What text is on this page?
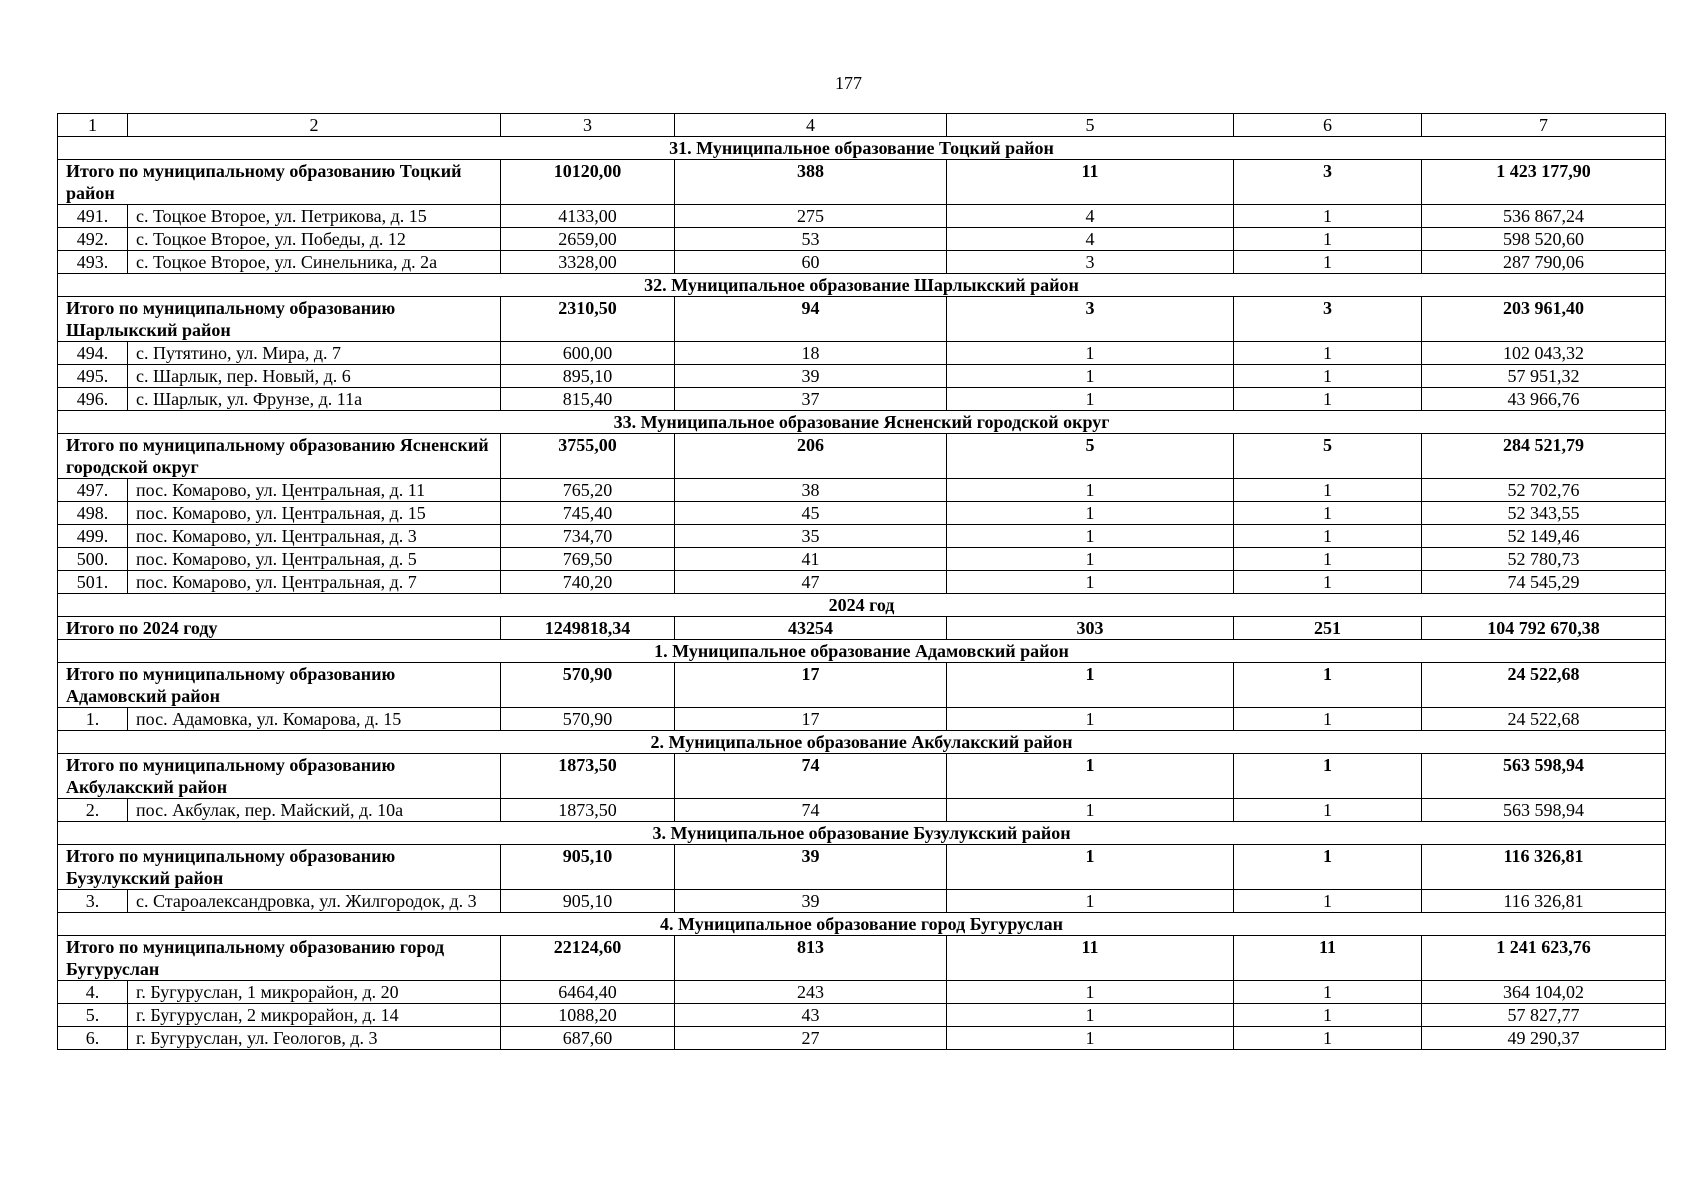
177
1	2	3	4	5	6	7
31. Муниципальное образование Тоцкий район						
Итого по муниципальному образованию Тоцкий район		10120,00	388	11	3	1 423 177,90
491.	с. Тоцкое Второе, ул. Петрикова, д. 15	4133,00	275	4	1	536 867,24
492.	с. Тоцкое Второе, ул. Победы, д. 12	2659,00	53	4	1	598 520,60
493.	с. Тоцкое Второе, ул. Синельника, д. 2а	3328,00	60	3	1	287 790,06
32. Муниципальное образование Шарлыкский район						
Итого по муниципальному образованию Шарлыкский район		2310,50	94	3	3	203 961,40
494.	с. Путятино, ул. Мира, д. 7	600,00	18	1	1	102 043,32
495.	с. Шарлык, пер. Новый, д. 6	895,10	39	1	1	57 951,32
496.	с. Шарлык, ул. Фрунзе, д. 11а	815,40	37	1	1	43 966,76
33. Муниципальное образование Ясненский городской округ						
Итого по муниципальному образованию Ясненский городской округ		3755,00	206	5	5	284 521,79
497.	пос. Комарово, ул. Центральная, д. 11	765,20	38	1	1	52 702,76
498.	пос. Комарово, ул. Центральная, д. 15	745,40	45	1	1	52 343,55
499.	пос. Комарово, ул. Центральная, д. 3	734,70	35	1	1	52 149,46
500.	пос. Комарово, ул. Центральная, д. 5	769,50	41	1	1	52 780,73
501.	пос. Комарово, ул. Центральная, д. 7	740,20	47	1	1	74 545,29
2024 год						
Итого по 2024 году		1249818,34	43254	303	251	104 792 670,38
1. Муниципальное образование Адамовский район						
Итого по муниципальному образованию Адамовский район		570,90	17	1	1	24 522,68
1.	пос. Адамовка, ул. Комарова, д. 15	570,90	17	1	1	24 522,68
2. Муниципальное образование Акбулакский район						
Итого по муниципальному образованию Акбулакский район		1873,50	74	1	1	563 598,94
2.	пос. Акбулак, пер. Майский, д. 10а	1873,50	74	1	1	563 598,94
3. Муниципальное образование Бузулукский район						
Итого по муниципальному образованию Бузулукский район		905,10	39	1	1	116 326,81
3.	с. Староалександровка, ул. Жилгородок, д. 3	905,10	39	1	1	116 326,81
4. Муниципальное образование город Бугуруслан						
Итого по муниципальному образованию город Бугуруслан		22124,60	813	11	11	1 241 623,76
4.	г. Бугуруслан, 1 микрорайон, д. 20	6464,40	243	1	1	364 104,02
5.	г. Бугуруслан, 2 микрорайон, д. 14	1088,20	43	1	1	57 827,77
6.	г. Бугуруслан, ул. Геологов, д. 3	687,60	27	1	1	49 290,37
